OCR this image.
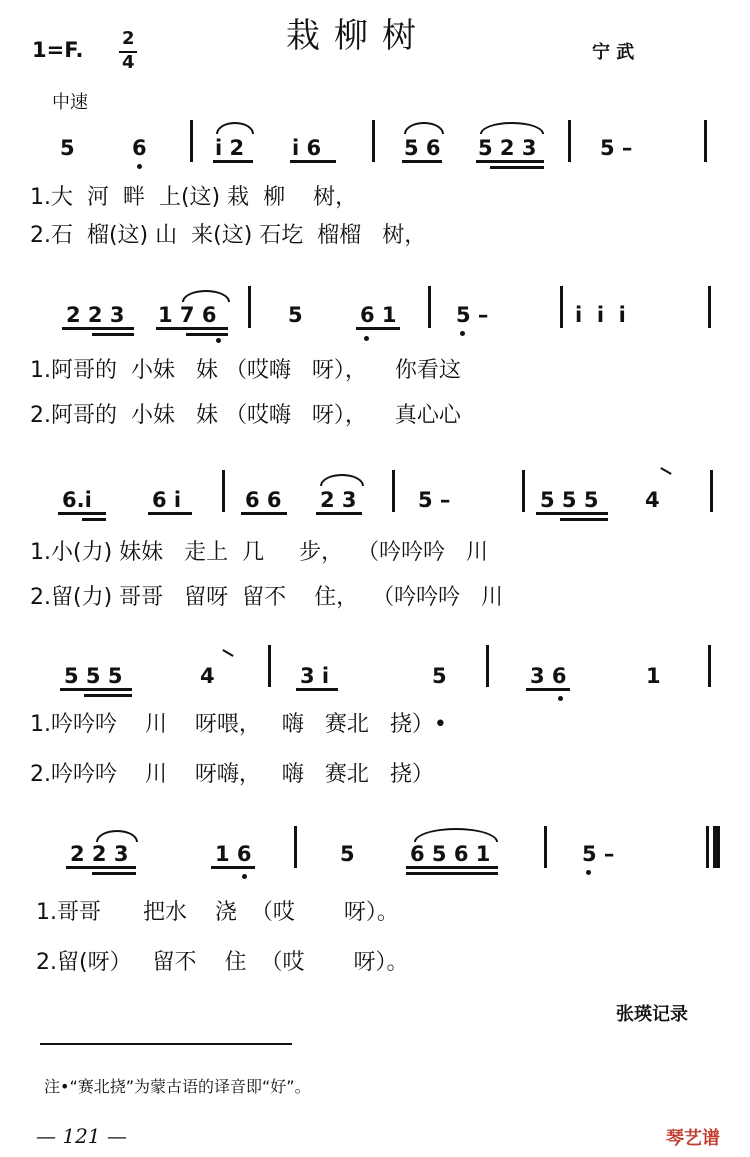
栽柳树
1=F. 2
4	宁 武
中速
5	6	i 2 i 6	5 6 5 2 3	5 –
1.大  河  畔  上(这) 栽  柳    树，
2.石  榴(这) 山  来(这) 石圪  榴榴   树，
2 2 3 1 7 6	5	6 1	5 –	i  i  i
1.阿哥的  小妹   妹 （哎嗨   呀），    你看这
2.阿哥的  小妹   妹 （哎嗨   呀），    真心心
6.i	6 i	6 6 2 3	5 –	5 5 5 4
1.小(力) 妹妹   走上  几     步，  （吟吟吟   川
2.留(力) 哥哥   留呀  留不    住，  （吟吟吟   川
5 5 5	4	3 i	5	3 6	1
1.吟吟吟    川    呀喂，   嗨   赛北   挠）•
2.吟吟吟    川    呀嗨，   嗨   赛北   挠）
2 2 3	1 6	5	6 5 6 1	5 –
1.哥哥      把水    浇  （哎       呀）。
2.留(呀）   留不    住  （哎       呀）。
张瑛记录
注•“赛北挠”为蒙古语的译音即“好”。
— 121 —	琴艺谱
